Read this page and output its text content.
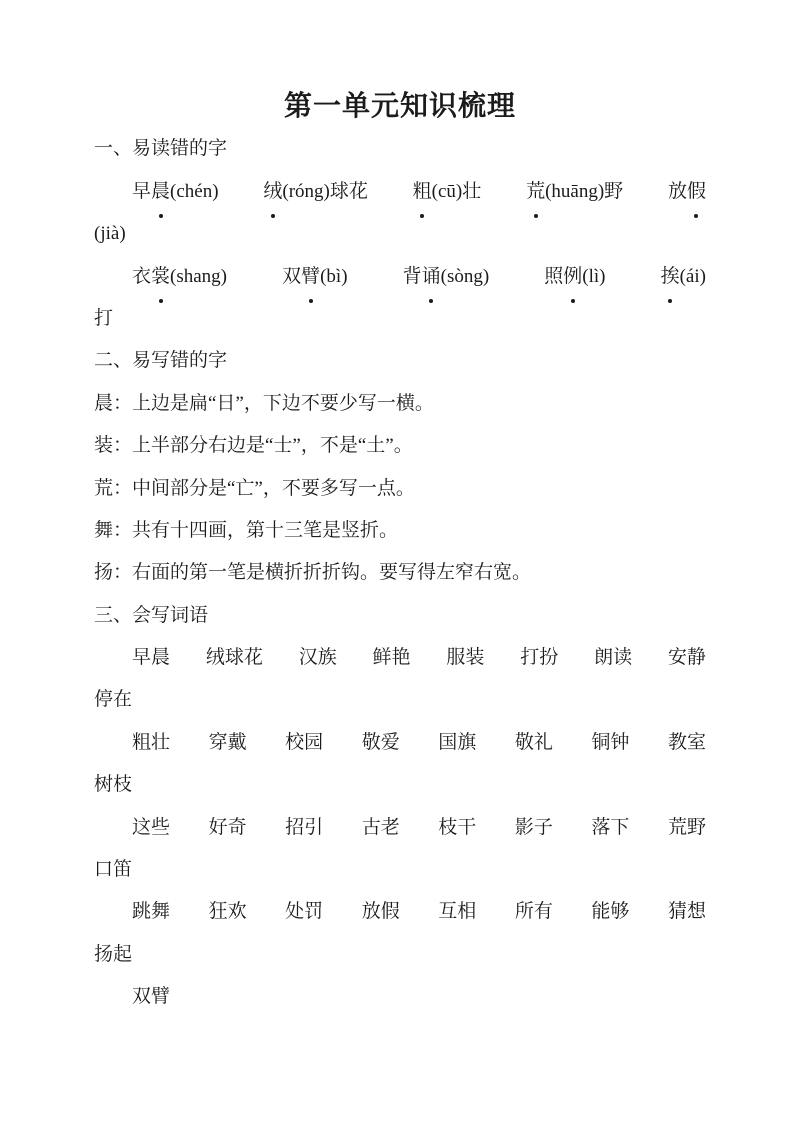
第一单元知识梳理
一、易读错的字
早晨(chén) 绒(róng)球花 粗(cū)壮 荒(huāng)野 放假
(jià)
衣裳(shang)	双臂(bì)	背诵(sòng)	照例(lì)	挨(ái)
打
二、易写错的字
晨：上边是扁“日”，下边不要少写一横。
装：上半部分右边是“士”，不是“土”。
荒：中间部分是“亡”，不要多写一点。
舞：共有十四画，第十三笔是竖折。
扬：右面的第一笔是横折折折钩。要写得左窄右宽。
三、会写词语
早晨 绒球花 汉族 鲜艳 服装 打扮 朗读 安静
停在
粗壮 穿戴 校园 敬爱 国旗 敬礼 铜钟 教室
树枝
这些 好奇 招引 古老 枝干 影子 落下 荒野
口笛
跳舞 狂欢 处罚 放假 互相 所有 能够 猜想
扬起
双臂
